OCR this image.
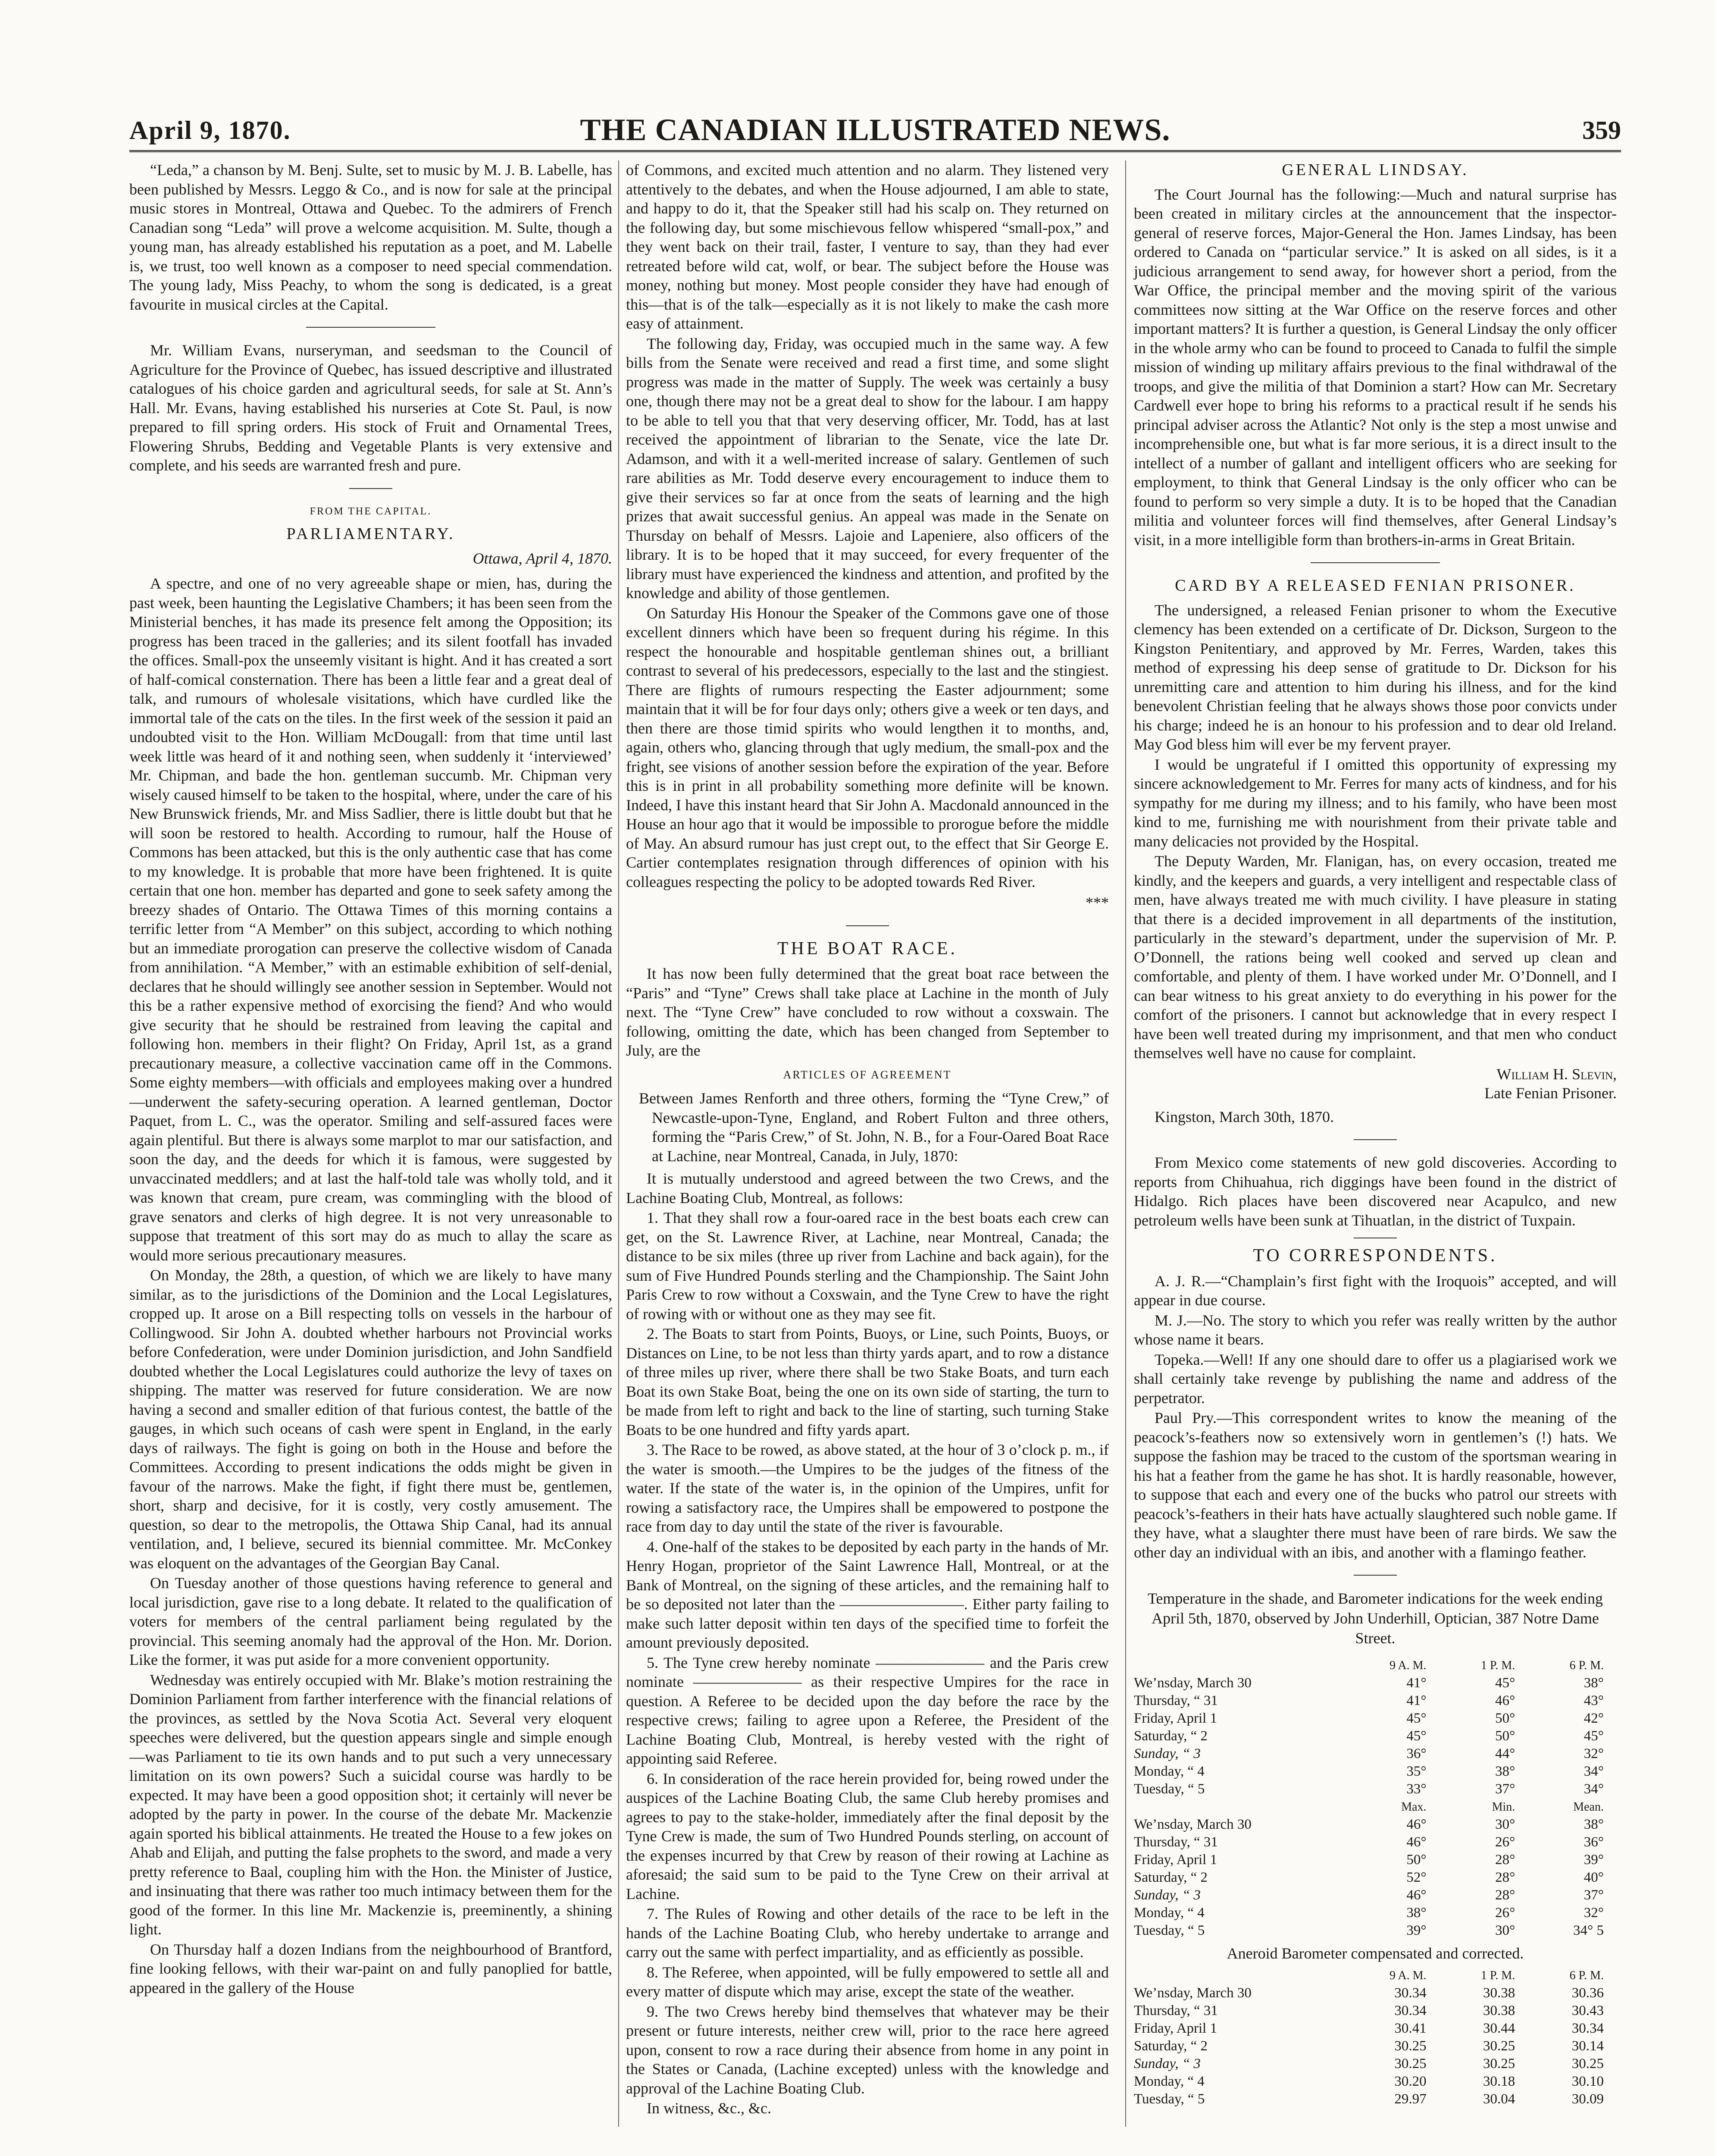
April 9, 1870.	THE CANADIAN ILLUSTRATED NEWS.	359

“Leda,” a chanson by M. Benj. Sulte, set to music by M. J. B. Labelle, has been published by Messrs. Leggo & Co., and is now for sale at the principal music stores in Montreal, Ottawa and Quebec. To the admirers of French Canadian song “Leda” will prove a welcome acquisition. M. Sulte, though a young man, has already established his reputation as a poet, and M. Labelle is, we trust, too well known as a composer to need special commendation. The young lady, Miss Peachy, to whom the song is dedicated, is a great favourite in musical circles at the Capital.

Mr. William Evans, nurseryman, and seedsman to the Council of Agriculture for the Province of Quebec, has issued descriptive and illustrated catalogues of his choice garden and agricultural seeds, for sale at St. Ann’s Hall. Mr. Evans, having established his nurseries at Cote St. Paul, is now prepared to fill spring orders. His stock of Fruit and Ornamental Trees, Flowering Shrubs, Bedding and Vegetable Plants is very extensive and complete, and his seeds are warranted fresh and pure.

FROM THE CAPITAL.
PARLIAMENTARY.
Ottawa, April 4, 1870.

A spectre, and one of no very agreeable shape or mien, has, during the past week, been haunting the Legislative Chambers; it has been seen from the Ministerial benches, it has made its presence felt among the Opposition; its progress has been traced in the galleries; and its silent footfall has invaded the offices. Small-pox the unseemly visitant is hight. And it has created a sort of half-comical consternation. There has been a little fear and a great deal of talk, and rumours of wholesale visitations, which have curdled like the immortal tale of the cats on the tiles. In the first week of the session it paid an undoubted visit to the Hon. William McDougall: from that time until last week little was heard of it and nothing seen, when suddenly it ‘interviewed’ Mr. Chipman, and bade the hon. gentleman succumb. Mr. Chipman very wisely caused himself to be taken to the hospital, where, under the care of his New Brunswick friends, Mr. and Miss Sadlier, there is little doubt but that he will soon be restored to health. According to rumour, half the House of Commons has been attacked, but this is the only authentic case that has come to my knowledge. It is probable that more have been frightened. It is quite certain that one hon. member has departed and gone to seek safety among the breezy shades of Ontario. The Ottawa Times of this morning contains a terrific letter from “A Member” on this subject, according to which nothing but an immediate prorogation can preserve the collective wisdom of Canada from annihilation. “A Member,” with an estimable exhibition of self-denial, declares that he should willingly see another session in September. Would not this be a rather expensive method of exorcising the fiend? And who would give security that he should be restrained from leaving the capital and following hon. members in their flight? On Friday, April 1st, as a grand precautionary measure, a collective vaccination came off in the Commons. Some eighty members—with officials and employees making over a hundred—underwent the safety-securing operation. A learned gentleman, Doctor Paquet, from L. C., was the operator. Smiling and self-assured faces were again plentiful. But there is always some marplot to mar our satisfaction, and soon the day, and the deeds for which it is famous, were suggested by unvaccinated meddlers; and at last the half-told tale was wholly told, and it was known that cream, pure cream, was commingling with the blood of grave senators and clerks of high degree. It is not very unreasonable to suppose that treatment of this sort may do as much to allay the scare as would more serious precautionary measures.

On Monday, the 28th, a question, of which we are likely to have many similar, as to the jurisdictions of the Dominion and the Local Legislatures, cropped up. It arose on a Bill respecting tolls on vessels in the harbour of Collingwood. Sir John A. doubted whether harbours not Provincial works before Confederation, were under Dominion jurisdiction, and John Sandfield doubted whether the Local Legislatures could authorize the levy of taxes on shipping. The matter was reserved for future consideration. We are now having a second and smaller edition of that furious contest, the battle of the gauges, in which such oceans of cash were spent in England, in the early days of railways. The fight is going on both in the House and before the Committees. According to present indications the odds might be given in favour of the narrows. Make the fight, if fight there must be, gentlemen, short, sharp and decisive, for it is costly, very costly amusement. The question, so dear to the metropolis, the Ottawa Ship Canal, had its annual ventilation, and, I believe, secured its biennial committee. Mr. McConkey was eloquent on the advantages of the Georgian Bay Canal.

On Tuesday another of those questions having reference to general and local jurisdiction, gave rise to a long debate. It related to the qualification of voters for members of the central parliament being regulated by the provincial. This seeming anomaly had the approval of the Hon. Mr. Dorion. Like the former, it was put aside for a more convenient opportunity.

Wednesday was entirely occupied with Mr. Blake’s motion restraining the Dominion Parliament from farther interference with the financial relations of the provinces, as settled by the Nova Scotia Act. Several very eloquent speeches were delivered, but the question appears single and simple enough—was Parliament to tie its own hands and to put such a very unnecessary limitation on its own powers? Such a suicidal course was hardly to be expected. It may have been a good opposition shot; it certainly will never be adopted by the party in power. In the course of the debate Mr. Mackenzie again sported his biblical attainments. He treated the House to a few jokes on Ahab and Elijah, and putting the false prophets to the sword, and made a very pretty reference to Baal, coupling him with the Hon. the Minister of Justice, and insinuating that there was rather too much intimacy between them for the good of the former. In this line Mr. Mackenzie is, preeminently, a shining light.

On Thursday half a dozen Indians from the neighbourhood of Brantford, fine looking fellows, with their war-paint on and fully panoplied for battle, appeared in the gallery of the House

of Commons, and excited much attention and no alarm. They listened very attentively to the debates, and when the House adjourned, I am able to state, and happy to do it, that the Speaker still had his scalp on. They returned on the following day, but some mischievous fellow whispered “small-pox,” and they went back on their trail, faster, I venture to say, than they had ever retreated before wild cat, wolf, or bear. The subject before the House was money, nothing but money. Most people consider they have had enough of this—that is of the talk—especially as it is not likely to make the cash more easy of attainment.

The following day, Friday, was occupied much in the same way. A few bills from the Senate were received and read a first time, and some slight progress was made in the matter of Supply. The week was certainly a busy one, though there may not be a great deal to show for the labour. I am happy to be able to tell you that that very deserving officer, Mr. Todd, has at last received the appointment of librarian to the Senate, vice the late Dr. Adamson, and with it a well-merited increase of salary. Gentlemen of such rare abilities as Mr. Todd deserve every encouragement to induce them to give their services so far at once from the seats of learning and the high prizes that await successful genius. An appeal was made in the Senate on Thursday on behalf of Messrs. Lajoie and Lapeniere, also officers of the library. It is to be hoped that it may succeed, for every frequenter of the library must have experienced the kindness and attention, and profited by the knowledge and ability of those gentlemen.

On Saturday His Honour the Speaker of the Commons gave one of those excellent dinners which have been so frequent during his régime. In this respect the honourable and hospitable gentleman shines out, a brilliant contrast to several of his predecessors, especially to the last and the stingiest. There are flights of rumours respecting the Easter adjournment; some maintain that it will be for four days only; others give a week or ten days, and then there are those timid spirits who would lengthen it to months, and, again, others who, glancing through that ugly medium, the small-pox and the fright, see visions of another session before the expiration of the year. Before this is in print in all probability something more definite will be known. Indeed, I have this instant heard that Sir John A. Macdonald announced in the House an hour ago that it would be impossible to prorogue before the middle of May. An absurd rumour has just crept out, to the effect that Sir George E. Cartier contemplates resignation through differences of opinion with his colleagues respecting the policy to be adopted towards Red River.

***
THE BOAT RACE.

It has now been fully determined that the great boat race between the “Paris” and “Tyne” Crews shall take place at Lachine in the month of July next. The “Tyne Crew” have concluded to row without a coxswain. The following, omitting the date, which has been changed from September to July, are the

ARTICLES OF AGREEMENT

Between James Renforth and three others, forming the “Tyne Crew,” of Newcastle-upon-Tyne, England, and Robert Fulton and three others, forming the “Paris Crew,” of St. John, N. B., for a Four-Oared Boat Race at Lachine, near Montreal, Canada, in July, 1870:

It is mutually understood and agreed between the two Crews, and the Lachine Boating Club, Montreal, as follows:

1. That they shall row a four-oared race in the best boats each crew can get, on the St. Lawrence River, at Lachine, near Montreal, Canada; the distance to be six miles (three up river from Lachine and back again), for the sum of Five Hundred Pounds sterling and the Championship. The Saint John Paris Crew to row without a Coxswain, and the Tyne Crew to have the right of rowing with or without one as they may see fit.

2. The Boats to start from Points, Buoys, or Line, such Points, Buoys, or Distances on Line, to be not less than thirty yards apart, and to row a distance of three miles up river, where there shall be two Stake Boats, and turn each Boat its own Stake Boat, being the one on its own side of starting, the turn to be made from left to right and back to the line of starting, such turning Stake Boats to be one hundred and fifty yards apart.

3. The Race to be rowed, as above stated, at the hour of 3 o’clock p. m., if the water is smooth.—the Umpires to be the judges of the fitness of the water. If the state of the water is, in the opinion of the Umpires, unfit for rowing a satisfactory race, the Umpires shall be empowered to postpone the race from day to day until the state of the river is favourable.

4. One-half of the stakes to be deposited by each party in the hands of Mr. Henry Hogan, proprietor of the Saint Lawrence Hall, Montreal, or at the Bank of Montreal, on the signing of these articles, and the remaining half to be so deposited not later than the ————————. Either party failing to make such latter deposit within ten days of the specified time to forfeit the amount previously deposited.

5. The Tyne crew hereby nominate ——————— and the Paris crew nominate ——————— as their respective Umpires for the race in question. A Referee to be decided upon the day before the race by the respective crews; failing to agree upon a Referee, the President of the Lachine Boating Club, Montreal, is hereby vested with the right of appointing said Referee.

6. In consideration of the race herein provided for, being rowed under the auspices of the Lachine Boating Club, the same Club hereby promises and agrees to pay to the stake-holder, immediately after the final deposit by the Tyne Crew is made, the sum of Two Hundred Pounds sterling, on account of the expenses incurred by that Crew by reason of their rowing at Lachine as aforesaid; the said sum to be paid to the Tyne Crew on their arrival at Lachine.

7. The Rules of Rowing and other details of the race to be left in the hands of the Lachine Boating Club, who hereby undertake to arrange and carry out the same with perfect impartiality, and as efficiently as possible.

8. The Referee, when appointed, will be fully empowered to settle all and every matter of dispute which may arise, except the state of the weather.

9. The two Crews hereby bind themselves that whatever may be their present or future interests, neither crew will, prior to the race here agreed upon, consent to row a race during their absence from home in any point in the States or Canada, (Lachine excepted) unless with the knowledge and approval of the Lachine Boating Club.

In witness, &c., &c.

GENERAL LINDSAY.

The Court Journal has the following:—Much and natural surprise has been created in military circles at the announcement that the inspector-general of reserve forces, Major-General the Hon. James Lindsay, has been ordered to Canada on “particular service.” It is asked on all sides, is it a judicious arrangement to send away, for however short a period, from the War Office, the principal member and the moving spirit of the various committees now sitting at the War Office on the reserve forces and other important matters? It is further a question, is General Lindsay the only officer in the whole army who can be found to proceed to Canada to fulfil the simple mission of winding up military affairs previous to the final withdrawal of the troops, and give the militia of that Dominion a start? How can Mr. Secretary Cardwell ever hope to bring his reforms to a practical result if he sends his principal adviser across the Atlantic? Not only is the step a most unwise and incomprehensible one, but what is far more serious, it is a direct insult to the intellect of a number of gallant and intelligent officers who are seeking for employment, to think that General Lindsay is the only officer who can be found to perform so very simple a duty. It is to be hoped that the Canadian militia and volunteer forces will find themselves, after General Lindsay’s visit, in a more intelligible form than brothers-in-arms in Great Britain.

CARD BY A RELEASED FENIAN PRISONER.

The undersigned, a released Fenian prisoner to whom the Executive clemency has been extended on a certificate of Dr. Dickson, Surgeon to the Kingston Penitentiary, and approved by Mr. Ferres, Warden, takes this method of expressing his deep sense of gratitude to Dr. Dickson for his unremitting care and attention to him during his illness, and for the kind benevolent Christian feeling that he always shows those poor convicts under his charge; indeed he is an honour to his profession and to dear old Ireland. May God bless him will ever be my fervent prayer.

I would be ungrateful if I omitted this opportunity of expressing my sincere acknowledgement to Mr. Ferres for many acts of kindness, and for his sympathy for me during my illness; and to his family, who have been most kind to me, furnishing me with nourishment from their private table and many delicacies not provided by the Hospital.

The Deputy Warden, Mr. Flanigan, has, on every occasion, treated me kindly, and the keepers and guards, a very intelligent and respectable class of men, have always treated me with much civility. I have pleasure in stating that there is a decided improvement in all departments of the institution, particularly in the steward’s department, under the supervision of Mr. P. O’Donnell, the rations being well cooked and served up clean and comfortable, and plenty of them. I have worked under Mr. O’Donnell, and I can bear witness to his great anxiety to do everything in his power for the comfort of the prisoners. I cannot but acknowledge that in every respect I have been well treated during my imprisonment, and that men who conduct themselves well have no cause for complaint.

William H. Slevin,
Late Fenian Prisoner.

Kingston, March 30th, 1870.

From Mexico come statements of new gold discoveries. According to reports from Chihuahua, rich diggings have been found in the district of Hidalgo. Rich places have been discovered near Acapulco, and new petroleum wells have been sunk at Tihuatlan, in the district of Tuxpain.

TO CORRESPONDENTS.

A. J. R.—“Champlain’s first fight with the Iroquois” accepted, and will appear in due course.

M. J.—No. The story to which you refer was really written by the author whose name it bears.

Topeka.—Well! If any one should dare to offer us a plagiarised work we shall certainly take revenge by publishing the name and address of the perpetrator.

Paul Pry.—This correspondent writes to know the meaning of the peacock’s-feathers now so extensively worn in gentlemen’s (!) hats. We suppose the fashion may be traced to the custom of the sportsman wearing in his hat a feather from the game he has shot. It is hardly reasonable, however, to suppose that each and every one of the bucks who patrol our streets with peacock’s-feathers in their hats have actually slaughtered such noble game. If they have, what a slaughter there must have been of rare birds. We saw the other day an individual with an ibis, and another with a flamingo feather.

Temperature in the shade, and Barometer indications for the week ending April 5th, 1870, observed by John Underhill, Optician, 387 Notre Dame Street.
	9 A. M.	1 P. M.	6 P. M.
We’nsday, March 30	41°	45°	38°
Thursday, “ 31	41°	46°	43°
Friday, April 1	45°	50°	42°
Saturday, “ 2	45°	50°	45°
Sunday, “ 3	36°	44°	32°
Monday, “ 4	35°	38°	34°
Tuesday, “ 5	33°	37°	34°
	Max.	Min.	Mean.
We’nsday, March 30	46°	30°	38°
Thursday, “ 31	46°	26°	36°
Friday, April 1	50°	28°	39°
Saturday, “ 2	52°	28°	40°
Sunday, “ 3	46°	28°	37°
Monday, “ 4	38°	26°	32°
Tuesday, “ 5	39°	30°	34° 5
Aneroid Barometer compensated and corrected.
	9 A. M.	1 P. M.	6 P. M.
We’nsday, March 30	30.34	30.38	30.36
Thursday, “ 31	30.34	30.38	30.43
Friday, April 1	30.41	30.44	30.34
Saturday, “ 2	30.25	30.25	30.14
Sunday, “ 3	30.25	30.25	30.25
Monday, “ 4	30.20	30.18	30.10
Tuesday, “ 5	29.97	30.04	30.09
